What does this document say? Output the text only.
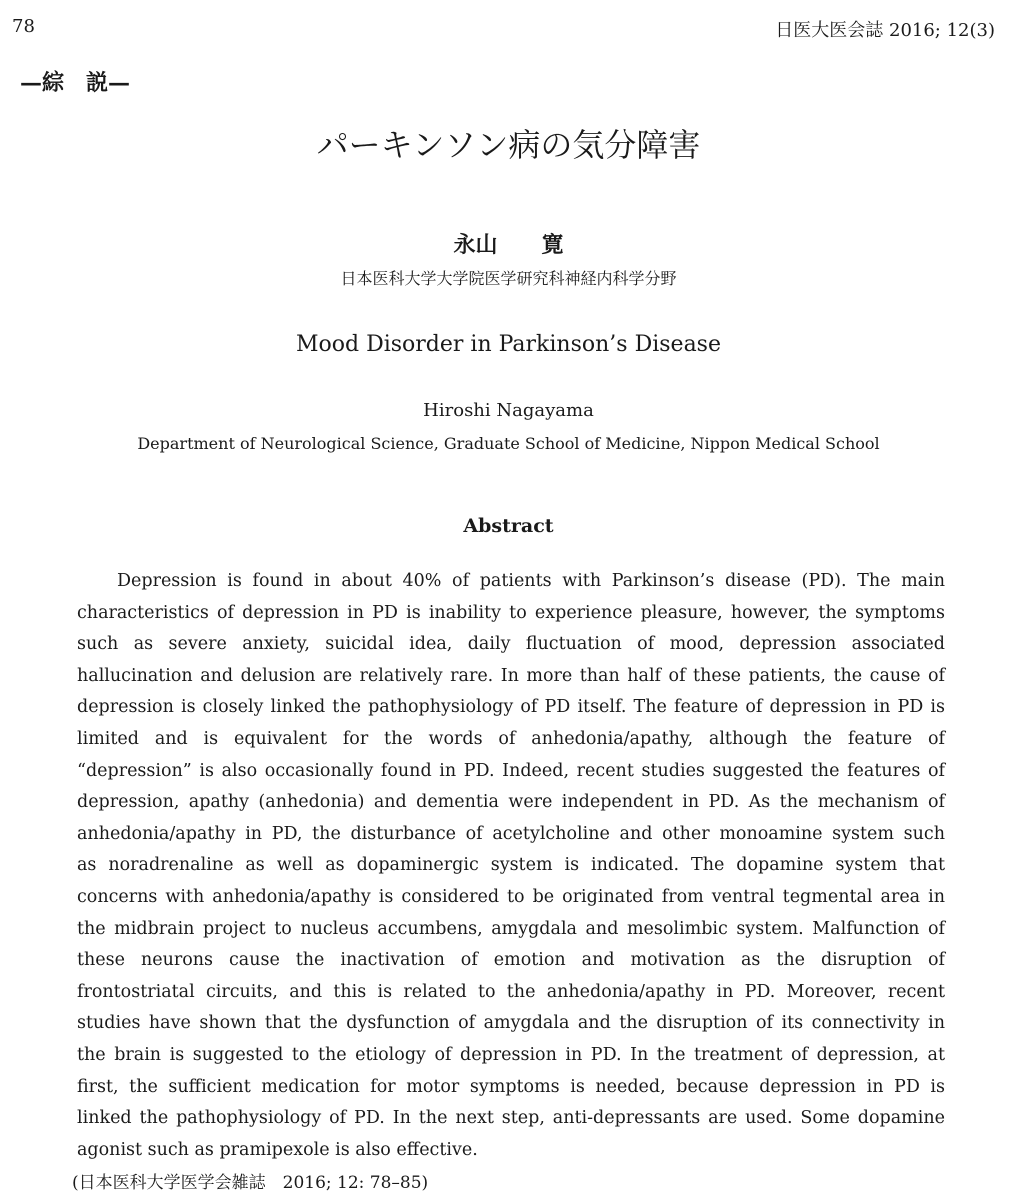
78	日医大医会誌 2016; 12(3)
—綜　説—
パーキンソン病の気分障害
永山　　寛
日本医科大学大学院医学研究科神経内科学分野
Mood Disorder in Parkinson’s Disease
Hiroshi Nagayama
Department of Neurological Science, Graduate School of Medicine, Nippon Medical School
Abstract
Depression is found in about 40% of patients with Parkinson’s disease (PD). The main
characteristics of depression in PD is inability to experience pleasure, however, the symptoms
such as severe anxiety, suicidal idea, daily fluctuation of mood, depression associated
hallucination and delusion are relatively rare. In more than half of these patients, the cause of
depression is closely linked the pathophysiology of PD itself. The feature of depression in PD is
limited and is equivalent for the words of anhedonia/apathy, although the feature of
“depression” is also occasionally found in PD. Indeed, recent studies suggested the features of
depression, apathy (anhedonia) and dementia were independent in PD. As the mechanism of
anhedonia/apathy in PD, the disturbance of acetylcholine and other monoamine system such
as noradrenaline as well as dopaminergic system is indicated. The dopamine system that
concerns with anhedonia/apathy is considered to be originated from ventral tegmental area in
the midbrain project to nucleus accumbens, amygdala and mesolimbic system. Malfunction of
these neurons cause the inactivation of emotion and motivation as the disruption of
frontostriatal circuits, and this is related to the anhedonia/apathy in PD. Moreover, recent
studies have shown that the dysfunction of amygdala and the disruption of its connectivity in
the brain is suggested to the etiology of depression in PD. In the treatment of depression, at
first, the sufficient medication for motor symptoms is needed, because depression in PD is
linked the pathophysiology of PD. In the next step, anti-depressants are used. Some dopamine
agonist such as pramipexole is also effective.
(日本医科大学医学会雑誌　2016; 12: 78–85)
